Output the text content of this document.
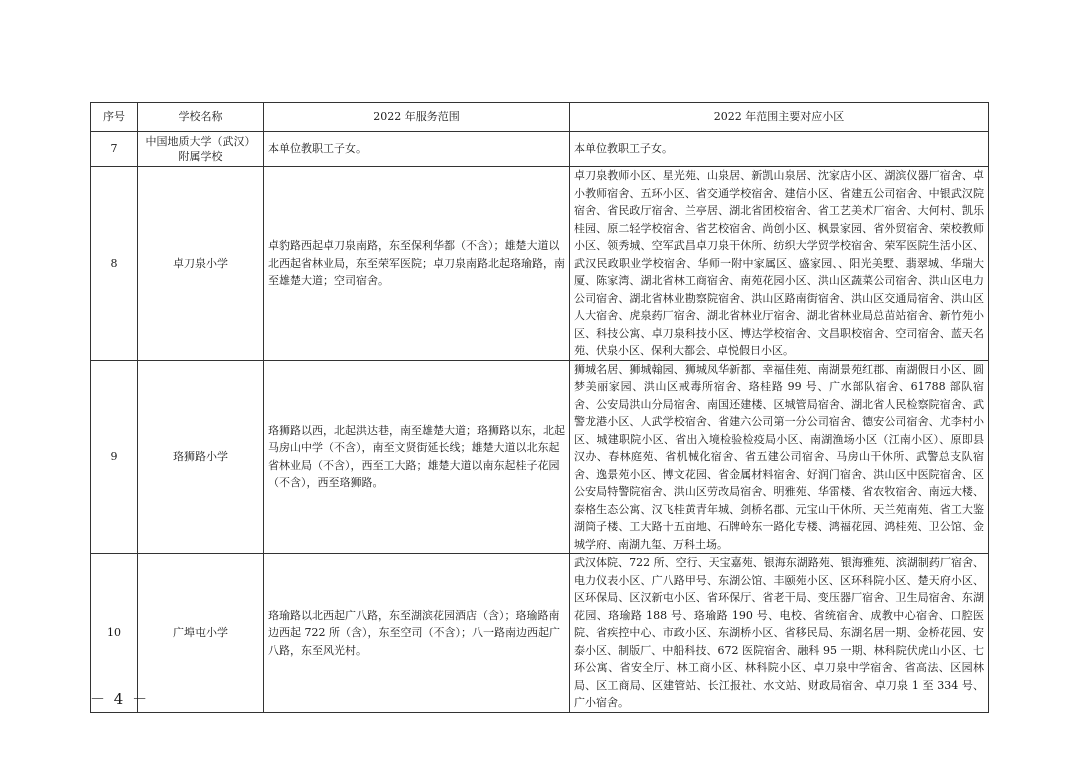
序号	学校名称	2022 年服务范围	2022 年范围主要对应小区
7	中国地质大学（武汉）附属学校	本单位教职工子女。	本单位教职工子女。
8	卓刀泉小学	卓豹路西起卓刀泉南路，东至保利华都（不含）；雄楚大道以北西起省林业局，东至荣军医院；卓刀泉南路北起珞瑜路，南至雄楚大道；空司宿舍。	卓刀泉教师小区、星光苑、山泉居、新凯山泉居、沈家店小区、湖滨仪器厂宿舍、卓小教师宿舍、五环小区、省交通学校宿舍、建信小区、省建五公司宿舍、中银武汉院宿舍、省民政厅宿舍、兰亭居、湖北省团校宿舍、省工艺美术厂宿舍、大何村、凯乐桂园、原二轻学校宿舍、省艺校宿舍、尚创小区、枫景家园、省外贸宿舍、荣校教师小区、领秀城、空军武昌卓刀泉干休所、纺织大学贸学校宿舍、荣军医院生活小区、武汉民政职业学校宿舍、华师一附中家属区、盛家园、、阳光美墅、翡翠城、华瑞大厦、陈家湾、湖北省林工商宿舍、南苑花园小区、洪山区蔬菜公司宿舍、洪山区电力公司宿舍、湖北省林业勘察院宿舍、洪山区路南街宿舍、洪山区交通局宿舍、洪山区人大宿舍、虎泉药厂宿舍、湖北省林业厅宿舍、湖北省林业局总苗站宿舍、新竹苑小区、科技公寓、卓刀泉科技小区、博达学校宿舍、文昌职校宿舍、空司宿舍、蓝天名苑、伏泉小区、保利大都会、卓悦假日小区。
9	珞狮路小学	珞狮路以西，北起洪达巷，南至雄楚大道；珞狮路以东，北起马房山中学（不含），南至文贤街延长线；雄楚大道以北东起省林业局（不含），西至工大路；雄楚大道以南东起桂子花园（不含），西至珞狮路。	狮城名居、狮城翰园、狮城凤华新都、幸福佳苑、南湖景苑红郡、南湖假日小区、圆梦美丽家园、洪山区戒毒所宿舍、珞桂路 99 号、广水部队宿舍、61788 部队宿舍、公安局洪山分局宿舍、南国还建楼、区城管局宿舍、湖北省人民检察院宿舍、武警龙港小区、人武学校宿舍、省建六公司第一分公司宿舍、德安公司宿舍、尤李村小区、城建职院小区、省出入境检验检疫局小区、南湖渔场小区（江南小区）、原即县汉办、春林庭苑、省机械化宿舍、省五建公司宿舍、马房山干休所、武警总支队宿舍、逸景苑小区、博文花园、省金属材料宿舍、好润门宿舍、洪山区中医院宿舍、区公安局特警院宿舍、洪山区劳改局宿舍、明雅苑、华雷楼、省农牧宿舍、南远大楼、泰格生态公寓、汉飞桂黄青年城、剑桥名郡、元宝山干休所、天兰苑南苑、省工大鉴湖筒子楼、工大路十五亩地、石牌岭东一路化专楼、鸿福花园、鸿桂苑、卫公馆、金城学府、南湖九玺、万科土场。
10	广埠屯小学	珞瑜路以北西起广八路，东至湖滨花园酒店（含）；珞瑜路南边西起 722 所（含），东至空司（不含）；八一路南边西起广八路，东至风光村。	武汉体院、722 所、空行、天宝嘉苑、银海东湖路苑、银海雅苑、滨湖制药厂宿舍、电力仪表小区、广八路甲号、东湖公馆、丰颐苑小区、区环科院小区、楚天府小区、区环保局、区汉新屯小区、省环保厅、省老干局、变压器厂宿舍、卫生局宿舍、东湖花园、珞瑜路 188 号、珞瑜路 190 号、电校、省统宿舍、成教中心宿舍、口腔医院、省疾控中心、市政小区、东湖桥小区、省移民局、东湖名居一期、金桥花园、安泰小区、制版厂、中船科技、672 医院宿舍、融科 95 一期、林科院伏虎山小区、七环公寓、省安全厅、林工商小区、林科院小区、卓刀泉中学宿舍、省高法、区园林局、区工商局、区建管站、长江报社、水文站、财政局宿舍、卓刀泉 1 至 334 号、广小宿舍。
－ 4 －
